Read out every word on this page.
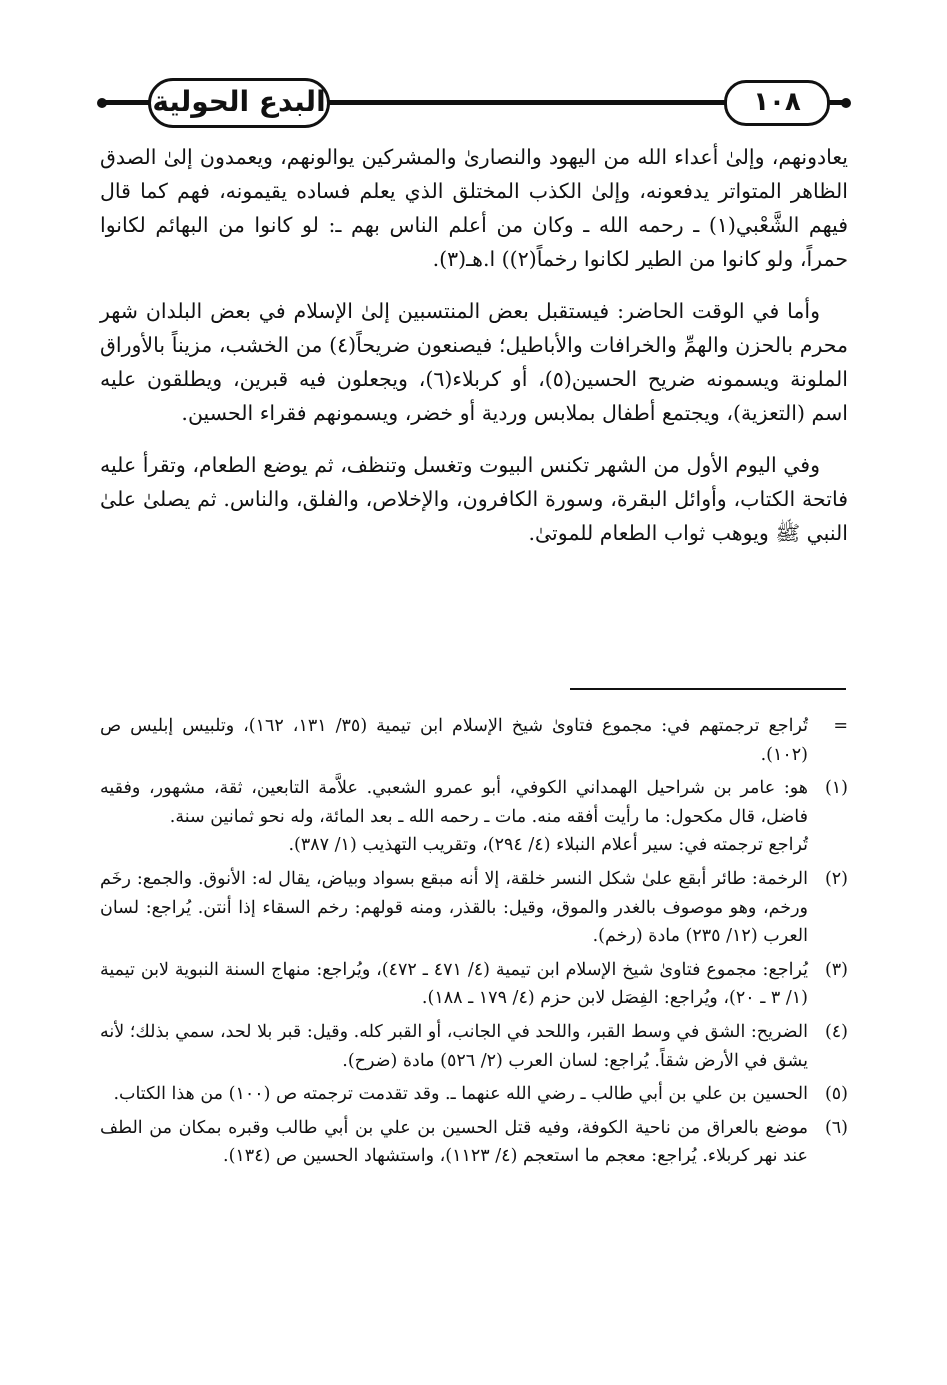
١٠٨
البدع الحولية

يعادونهم، وإلىٰ أعداء الله من اليهود والنصارىٰ والمشركين يوالونهم، ويعمدون إلىٰ الصدق الظاهر المتواتر يدفعونه، وإلىٰ الكذب المختلق الذي يعلم فساده يقيمونه، فهم كما قال فيهم الشَّعْبي(١) ـ رحمه الله ـ وكان من أعلم الناس بهم ـ: لو كانوا من البهائم لكانوا حمراً، ولو كانوا من الطير لكانوا رخماً(٢)) ا.هـ(٣).

وأما في الوقت الحاضر: فيستقبل بعض المنتسبين إلىٰ الإسلام في بعض البلدان شهر محرم بالحزن والهمِّ والخرافات والأباطيل؛ فيصنعون ضريحاً(٤) من الخشب، مزيناً بالأوراق الملونة ويسمونه ضريح الحسين(٥)، أو كربلاء(٦)، ويجعلون فيه قبرين، ويطلقون عليه اسم (التعزية)، ويجتمع أطفال بملابس وردية أو خضر، ويسمونهم فقراء الحسين.

وفي اليوم الأول من الشهر تكنس البيوت وتغسل وتنظف، ثم يوضع الطعام، وتقرأ عليه فاتحة الكتاب، وأوائل البقرة، وسورة الكافرون، والإخلاص، والفلق، والناس. ثم يصلىٰ علىٰ النبي ﷺ ويوهب ثواب الطعام للموتىٰ.

=
تُراجع ترجمتهم في: مجموع فتاوىٰ شيخ الإسلام ابن تيمية (٣٥/ ١٣١، ١٦٢)، وتلبيس إبليس ص (١٠٢).
(١)
هو: عامر بن شراحيل الهمداني الكوفي، أبو عمرو الشعبي. علاَّمة التابعين، ثقة، مشهور، وفقيه فاضل، قال مكحول: ما رأيت أفقه منه. مات ـ رحمه الله ـ بعد المائة، وله نحو ثمانين سنة.
تُراجع ترجمته في: سير أعلام النبلاء (٤/ ٢٩٤)، وتقريب التهذيب (١/ ٣٨٧).
(٢)
الرخمة: طائر أبقع علىٰ شكل النسر خلقة، إلا أنه مبقع بسواد وبياض، يقال له: الأنوق. والجمع: رخَم ورخم، وهو موصوف بالغدر والموق، وقيل: بالقذر، ومنه قولهم: رخم السقاء إذا أنتن. يُراجع: لسان العرب (١٢/ ٢٣٥) مادة (رخم).
(٣)
يُراجع: مجموع فتاوىٰ شيخ الإسلام ابن تيمية (٤/ ٤٧١ ـ ٤٧٢)، ويُراجع: منهاج السنة النبوية لابن تيمية (١/ ٣ ـ ٢٠)، ويُراجع: الفِصَل لابن حزم (٤/ ١٧٩ ـ ١٨٨).
(٤)
الضريح: الشق في وسط القبر، واللحد في الجانب، أو القبر كله. وقيل: قبر بلا لحد، سمي بذلك؛ لأنه يشق في الأرض شقاً. يُراجع: لسان العرب (٢/ ٥٢٦) مادة (ضرح).
(٥)
الحسين بن علي بن أبي طالب ـ رضي الله عنهما ـ. وقد تقدمت ترجمته ص (١٠٠) من هذا الكتاب.
(٦)
موضع بالعراق من ناحية الكوفة، وفيه قتل الحسين بن علي بن أبي طالب وقبره بمكان من الطف عند نهر كربلاء. يُراجع: معجم ما استعجم (٤/ ١١٢٣)، واستشهاد الحسين ص (١٣٤).
